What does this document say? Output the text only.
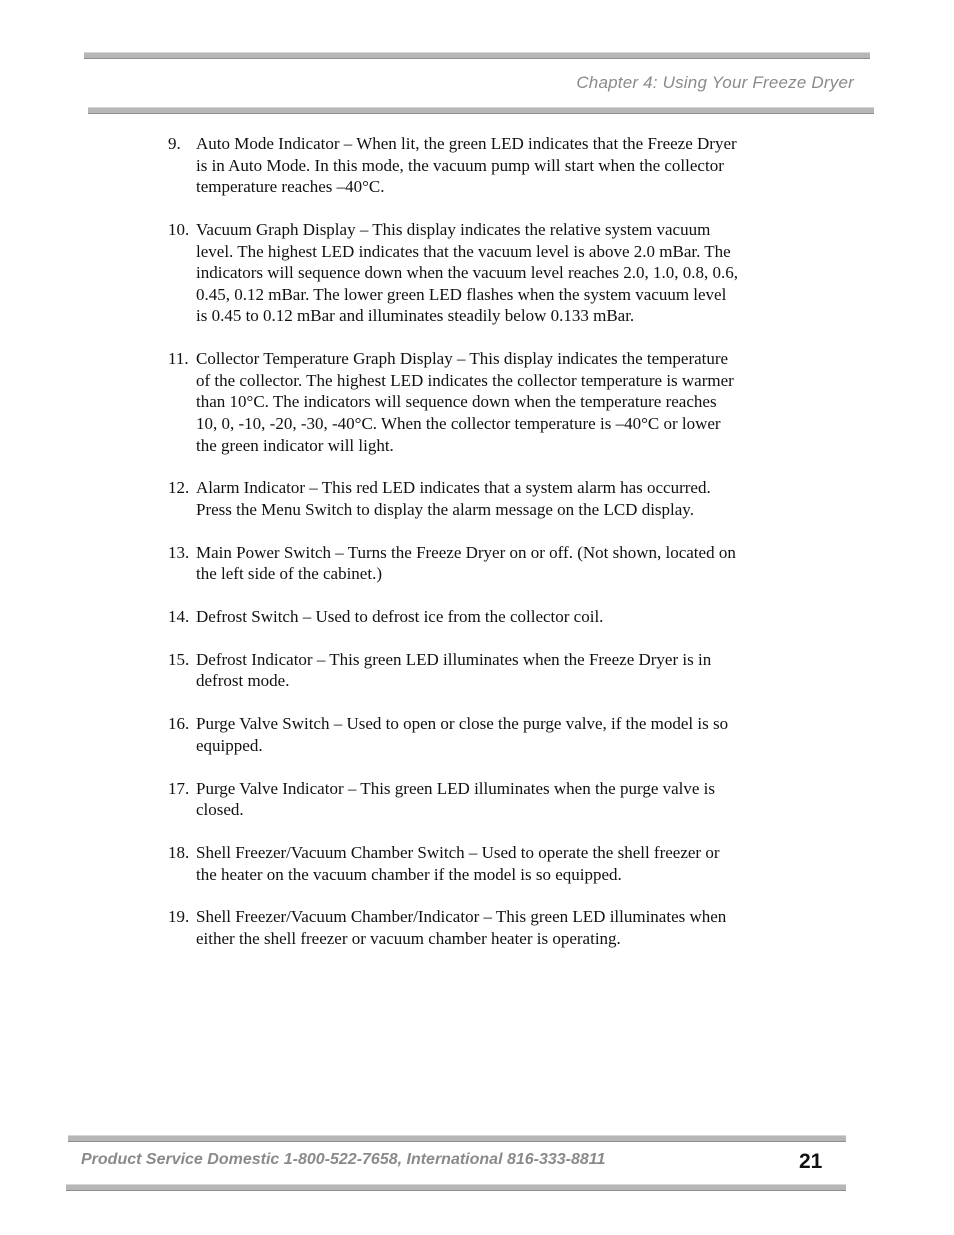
Chapter 4: Using Your Freeze Dryer
9. Auto Mode Indicator – When lit, the green LED indicates that the Freeze Dryer is in Auto Mode. In this mode, the vacuum pump will start when the collector temperature reaches –40°C.
10. Vacuum Graph Display – This display indicates the relative system vacuum level. The highest LED indicates that the vacuum level is above 2.0 mBar. The indicators will sequence down when the vacuum level reaches 2.0, 1.0, 0.8, 0.6, 0.45, 0.12 mBar. The lower green LED flashes when the system vacuum level is 0.45 to 0.12 mBar and illuminates steadily below 0.133 mBar.
11. Collector Temperature Graph Display – This display indicates the temperature of the collector. The highest LED indicates the collector temperature is warmer than 10°C. The indicators will sequence down when the temperature reaches 10, 0, -10, -20, -30, -40°C. When the collector temperature is –40°C or lower the green indicator will light.
12. Alarm Indicator – This red LED indicates that a system alarm has occurred. Press the Menu Switch to display the alarm message on the LCD display.
13. Main Power Switch – Turns the Freeze Dryer on or off. (Not shown, located on the left side of the cabinet.)
14. Defrost Switch – Used to defrost ice from the collector coil.
15. Defrost Indicator – This green LED illuminates when the Freeze Dryer is in defrost mode.
16. Purge Valve Switch – Used to open or close the purge valve, if the model is so equipped.
17. Purge Valve Indicator – This green LED illuminates when the purge valve is closed.
18. Shell Freezer/Vacuum Chamber Switch – Used to operate the shell freezer or the heater on the vacuum chamber if the model is so equipped.
19. Shell Freezer/Vacuum Chamber/Indicator – This green LED illuminates when either the shell freezer or vacuum chamber heater is operating.
Product Service Domestic 1-800-522-7658, International 816-333-8811	21
